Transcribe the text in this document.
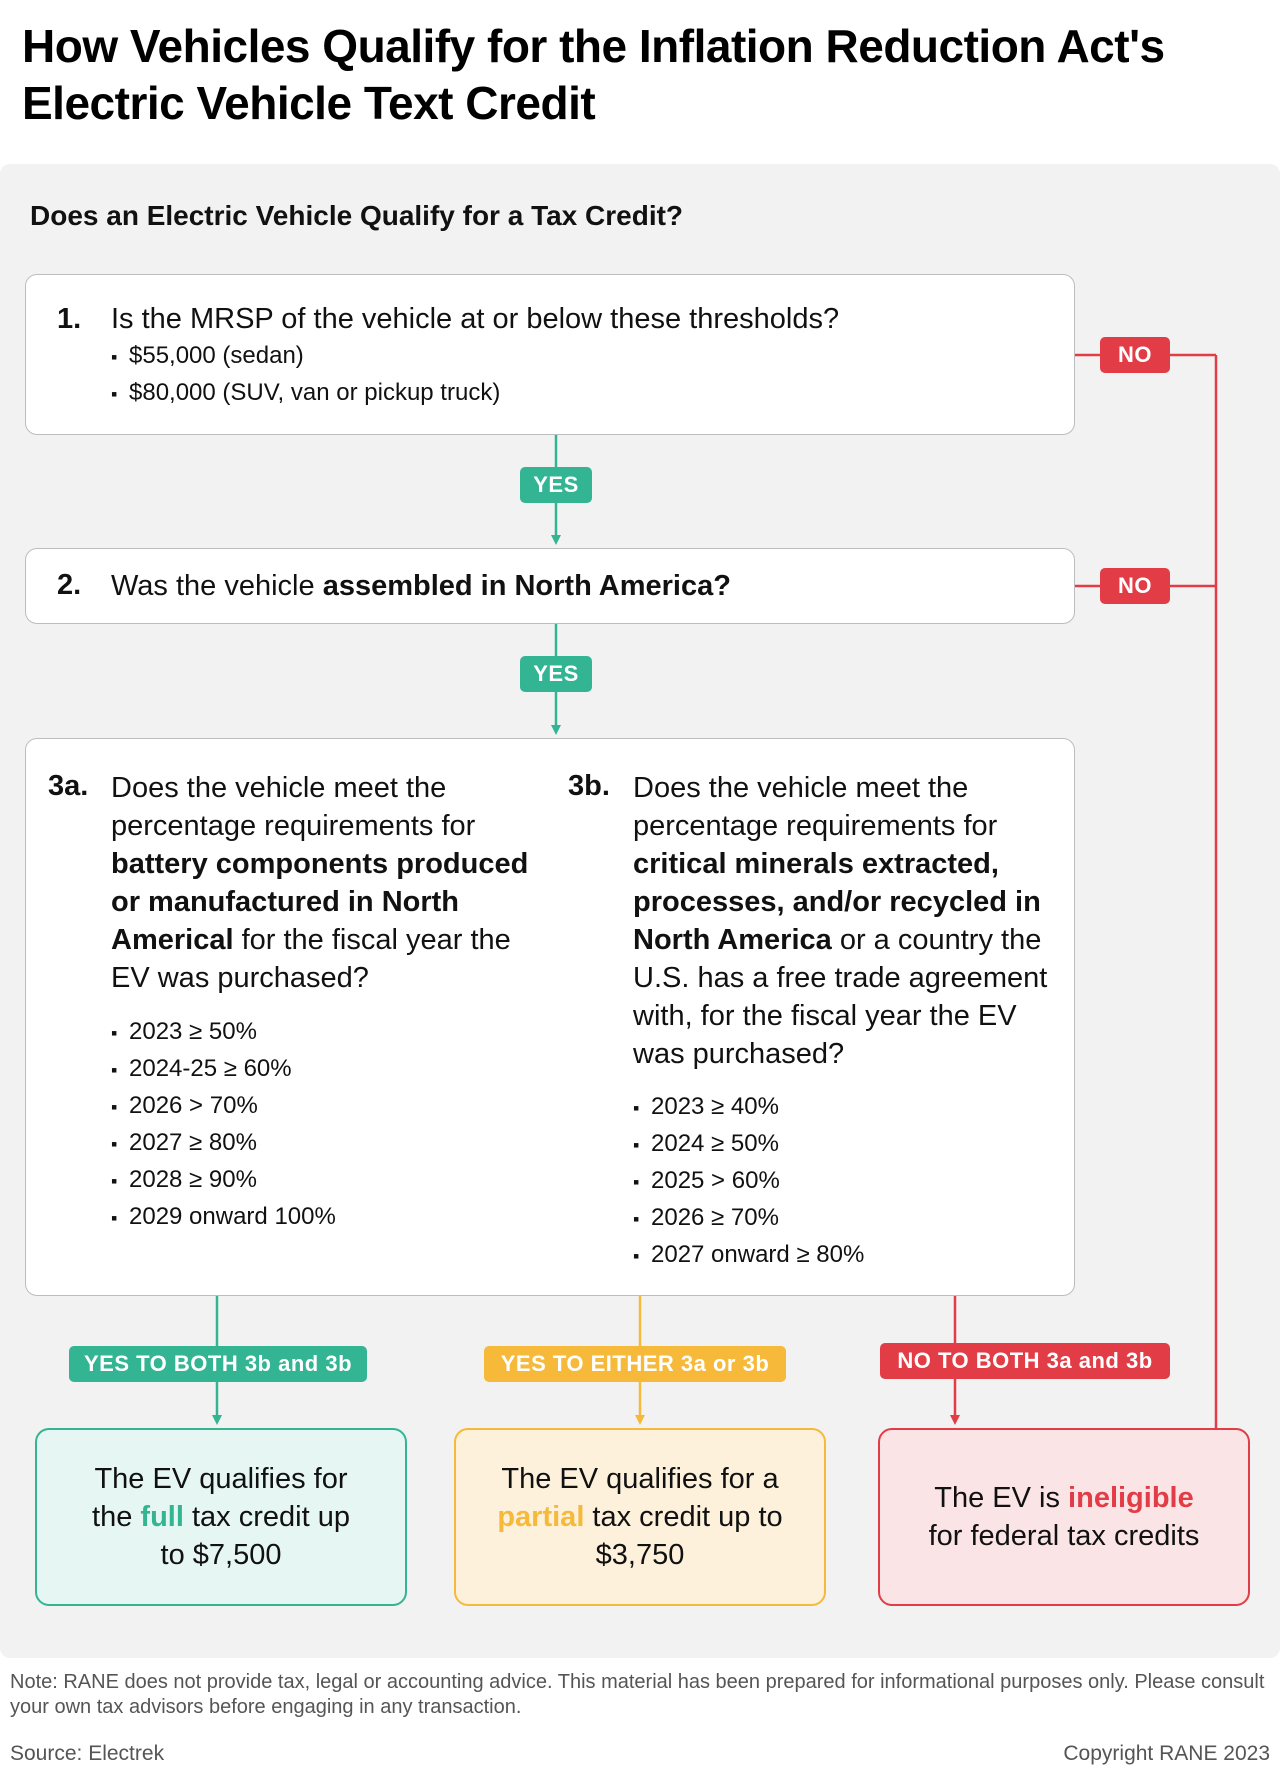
How Vehicles Qualify for the Inflation Reduction Act's Electric Vehicle Text Credit
Does an Electric Vehicle Qualify for a Tax Credit?
1. Is the MRSP of the vehicle at or below these thresholds?
▪ $55,000 (sedan)
▪ $80,000 (SUV, van or pickup truck)
YES
NO
2. Was the vehicle assembled in North America?
YES
NO
3a. Does the vehicle meet the percentage requirements for battery components produced or manufactured in North Americal for the fiscal year the EV was purchased?
▪ 2023 ≥ 50%
▪ 2024-25 ≥ 60%
▪ 2026 > 70%
▪ 2027 ≥ 80%
▪ 2028 ≥ 90%
▪ 2029 onward 100%
3b. Does the vehicle meet the percentage requirements for critical minerals extracted, processes, and/or recycled in North America or a country the U.S. has a free trade agreement with, for the fiscal year the EV was purchased?
▪ 2023 ≥ 40%
▪ 2024 ≥ 50%
▪ 2025 > 60%
▪ 2026 ≥ 70%
▪ 2027 onward ≥ 80%
YES TO BOTH 3b and 3b	YES TO EITHER 3a or 3b	NO TO BOTH 3a and 3b
The EV qualifies for the full tax credit up to $7,500
The EV qualifies for a partial tax credit up to $3,750
The EV is ineligible for federal tax credits
Note: RANE does not provide tax, legal or accounting advice. This material has been prepared for informational purposes only. Please consult your own tax advisors before engaging in any transaction.
Source: Electrek	Copyright RANE 2023
